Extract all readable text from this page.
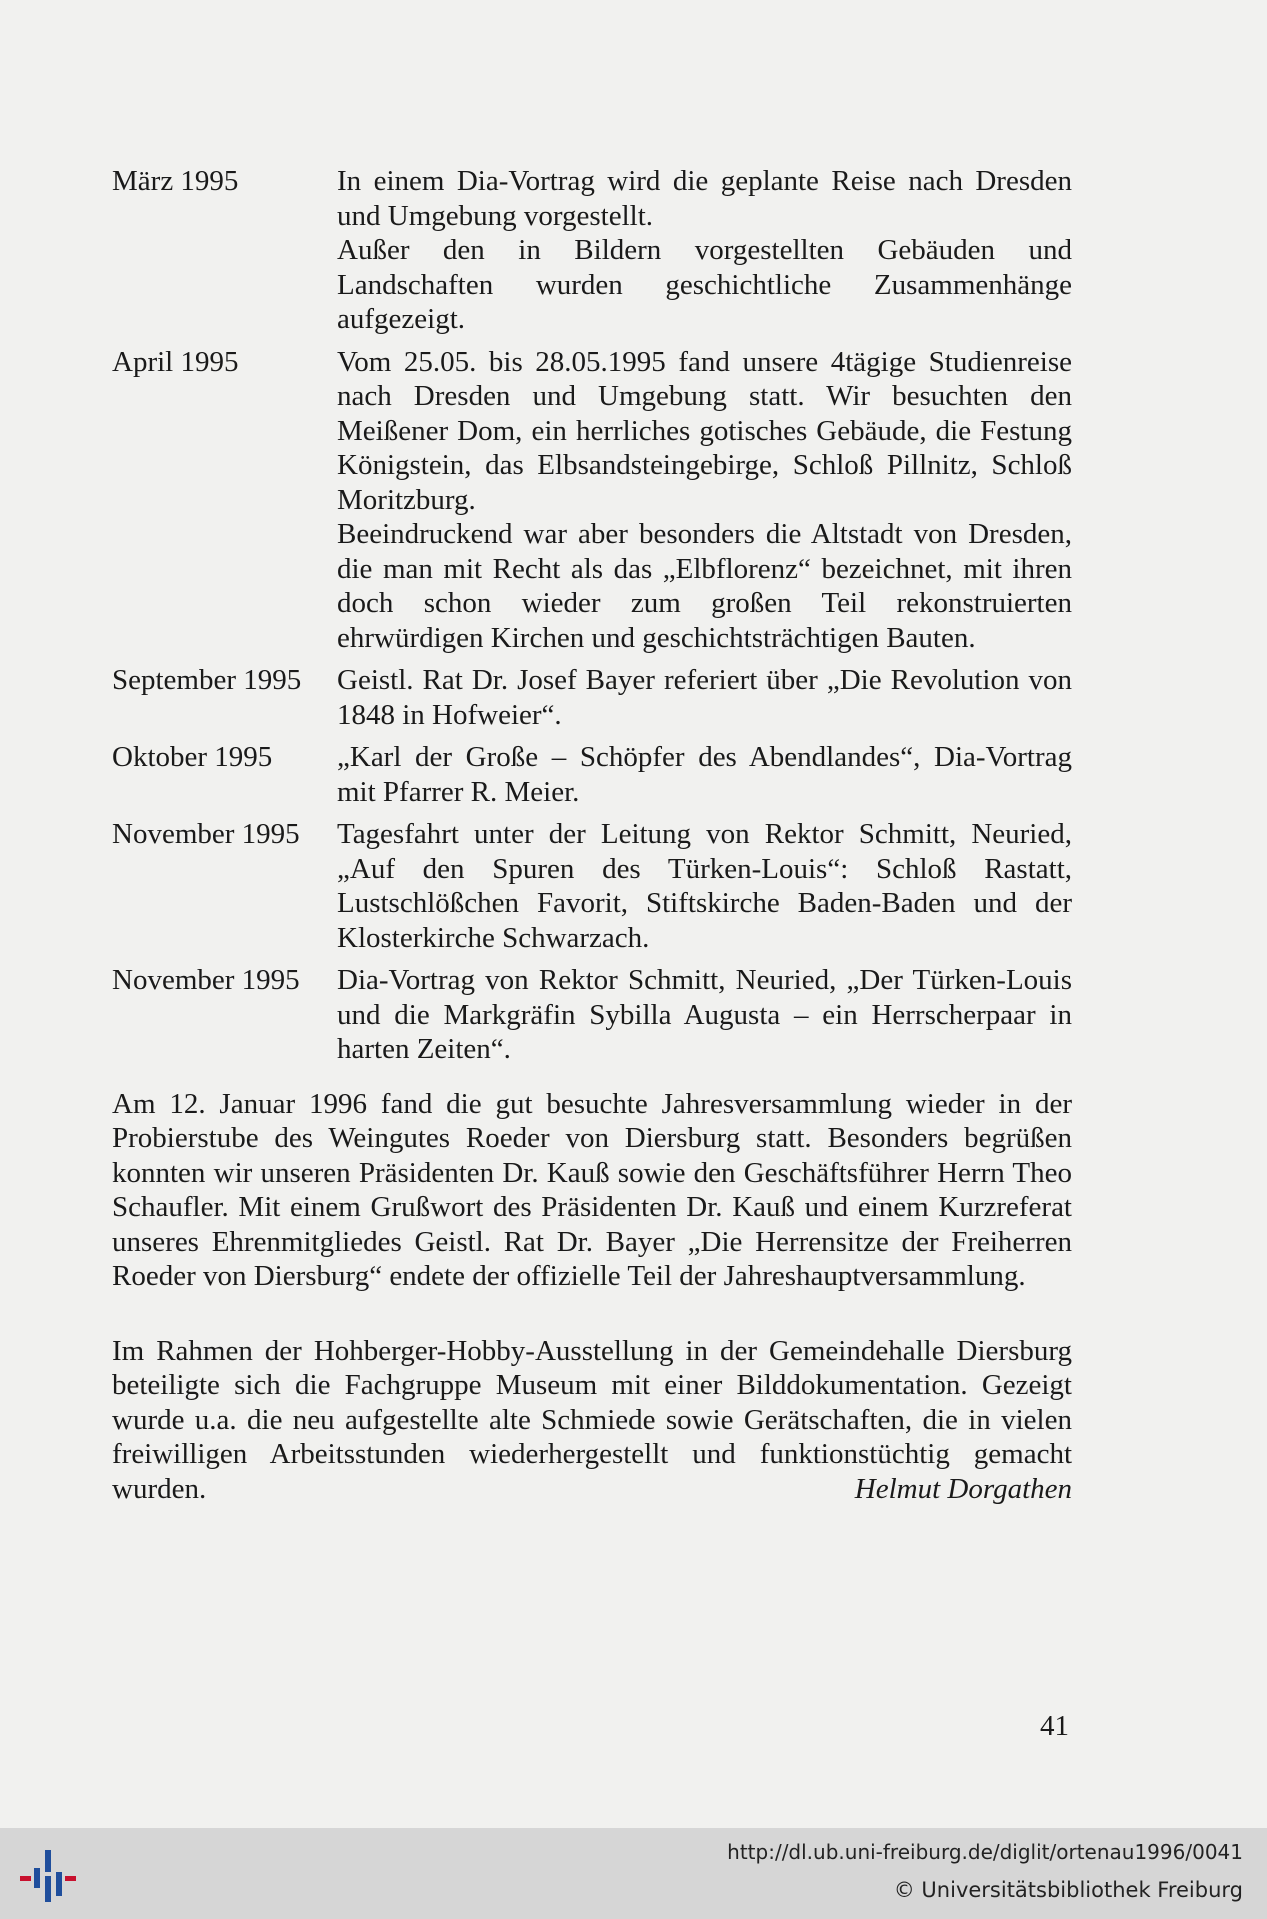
März 1995	In einem Dia-Vortrag wird die geplante Reise nach Dresden und Umgebung vorgestellt.

Außer den in Bildern vorgestellten Gebäuden und Landschaften wurden geschichtliche Zusammenhänge aufgezeigt.

April 1995	Vom 25.05. bis 28.05.1995 fand unsere 4tägige Studienreise nach Dresden und Umgebung statt. Wir besuchten den Meißener Dom, ein herrliches gotisches Gebäude, die Festung Königstein, das Elbsandsteingebirge, Schloß Pillnitz, Schloß Moritzburg.

Beeindruckend war aber besonders die Altstadt von Dresden, die man mit Recht als das „Elbflorenz“ bezeichnet, mit ihren doch schon wieder zum großen Teil rekonstruierten ehrwürdigen Kirchen und geschichtsträchtigen Bauten.

September 1995	Geistl. Rat Dr. Josef Bayer referiert über „Die Revolution von 1848 in Hofweier“.

Oktober 1995	„Karl der Große – Schöpfer des Abendlandes“, Dia-Vortrag mit Pfarrer R. Meier.

November 1995	Tagesfahrt unter der Leitung von Rektor Schmitt, Neuried, „Auf den Spuren des Türken-Louis“: Schloß Rastatt, Lustschlößchen Favorit, Stiftskirche Baden-Baden und der Klosterkirche Schwarzach.

November 1995	Dia-Vortrag von Rektor Schmitt, Neuried, „Der Türken-Louis und die Markgräfin Sybilla Augusta – ein Herrscherpaar in harten Zeiten“.

Am 12. Januar 1996 fand die gut besuchte Jahresversammlung wieder in der Probierstube des Weingutes Roeder von Diersburg statt. Besonders begrüßen konnten wir unseren Präsidenten Dr. Kauß sowie den Geschäftsführer Herrn Theo Schaufler. Mit einem Grußwort des Präsidenten Dr. Kauß und einem Kurzreferat unseres Ehrenmitgliedes Geistl. Rat Dr. Bayer „Die Herrensitze der Freiherren Roeder von Diersburg“ endete der offizielle Teil der Jahreshauptversammlung.

Im Rahmen der Hohberger-Hobby-Ausstellung in der Gemeindehalle Diersburg beteiligte sich die Fachgruppe Museum mit einer Bilddokumentation. Gezeigt wurde u.a. die neu aufgestellte alte Schmiede sowie Gerätschaften, die in vielen freiwilligen Arbeitsstunden wiederhergestellt und funktionstüchtig gemacht wurden.	Helmut Dorgathen

41
http://dl.ub.uni-freiburg.de/diglit/ortenau1996/0041
© Universitätsbibliothek Freiburg
